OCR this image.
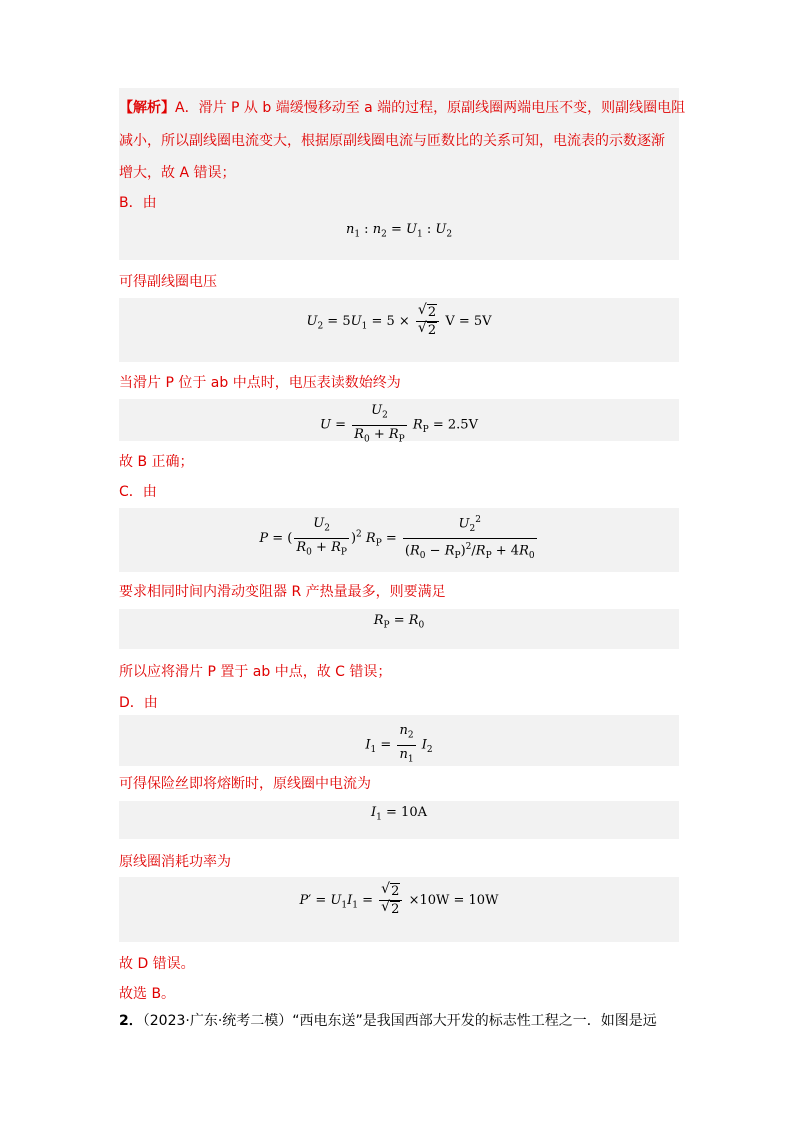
【解析】A．滑片 P 从 b 端缓慢移动至 a 端的过程，原副线圈两端电压不变，则副线圈电阻
减小，所以副线圈电流变大，根据原副线圈电流与匝数比的关系可知，电流表的示数逐渐
增大，故 A 错误；
B．由
$n_1$ : $n_2 = U_1$ : $U_2$
可得副线圈电压
$U_2 = 5U_1 = 5 \times \frac{√ 2}{√ 2}$ V = 5V
当滑片 P 位于 ab 中点时，电压表读数始终为
$U = \frac{U_2}{R_0 + R_P} R_P = 2.5V$
故 B 正确；
C．由
P = ( $\frac{U_2}{R_0 + R_P} )^2$ $R_P = \frac{U_2^2}{(R_0 - R_P)^2/R_P + 4R_0}$
要求相同时间内滑动变阻器 R 产热量最多，则要满足
$R_P = R_0$
所以应将滑片 P 置于 ab 中点，故 C 错误；
D．由
$I_1 = \frac{n_2}{n_1} I_2$
可得保险丝即将熔断时，原线圈中电流为
$I_1 = 10A$
原线圈消耗功率为
$P' = U_1I_1 = \frac{√ 2}{√ 2} \times 10W = 10W$
故 D 错误。
故选 B。
2．（2023·广东·统考二模）“西电东送”是我国西部大开发的标志性工程之一．如图是远
